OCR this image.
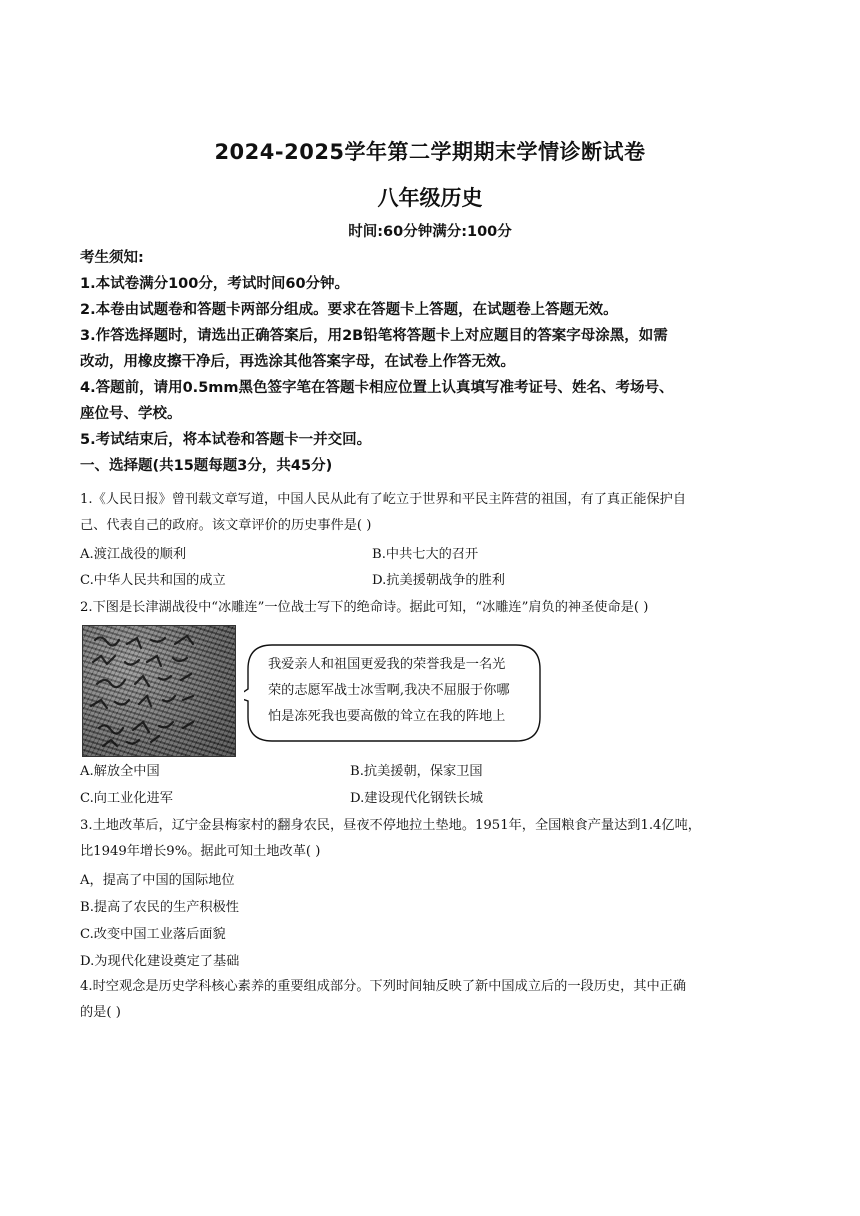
2024-2025学年第二学期期末学情诊断试卷
八年级历史
时间:60分钟满分:100分
考生须知:
1.本试卷满分100分，考试时间60分钟。
2.本卷由试题卷和答题卡两部分组成。要求在答题卡上答题，在试题卷上答题无效。
3.作答选择题时，请选出正确答案后，用2B铅笔将答题卡上对应题目的答案字母涂黑，如需
改动，用橡皮擦干净后，再选涂其他答案字母，在试卷上作答无效。
4.答题前，请用0.5mm黑色签字笔在答题卡相应位置上认真填写准考证号、姓名、考场号、
座位号、学校。
5.考试结束后，将本试卷和答题卡一并交回。
一、选择题(共15题每题3分，共45分)
1.《人民日报》曾刊载文章写道，中国人民从此有了屹立于世界和平民主阵营的祖国，有了真正能保护自
己、代表自己的政府。该文章评价的历史事件是( )
A.渡江战役的顺利	B.中共七大的召开
C.中华人民共和国的成立	D.抗美援朝战争的胜利
2.下图是长津湖战役中“冰雕连”一位战士写下的绝命诗。据此可知，“冰雕连”肩负的神圣使命是( )
我爱亲人和祖国更爱我的荣誉我是一名光
荣的志愿军战士冰雪啊,我决不屈服于你哪
怕是冻死我也要高傲的耸立在我的阵地上
A.解放全中国	B.抗美援朝，保家卫国
C.向工业化进军	D.建设现代化钢铁长城
3.土地改革后，辽宁金县梅家村的翻身农民，昼夜不停地拉土垫地。1951年，全国粮食产量达到1.4亿吨，
比1949年增长9%。据此可知土地改革( )
A，提高了中国的国际地位
B.提高了农民的生产积极性
C.改变中国工业落后面貌
D.为现代化建设奠定了基础
4.时空观念是历史学科核心素养的重要组成部分。下列时间轴反映了新中国成立后的一段历史，其中正确
的是( )
